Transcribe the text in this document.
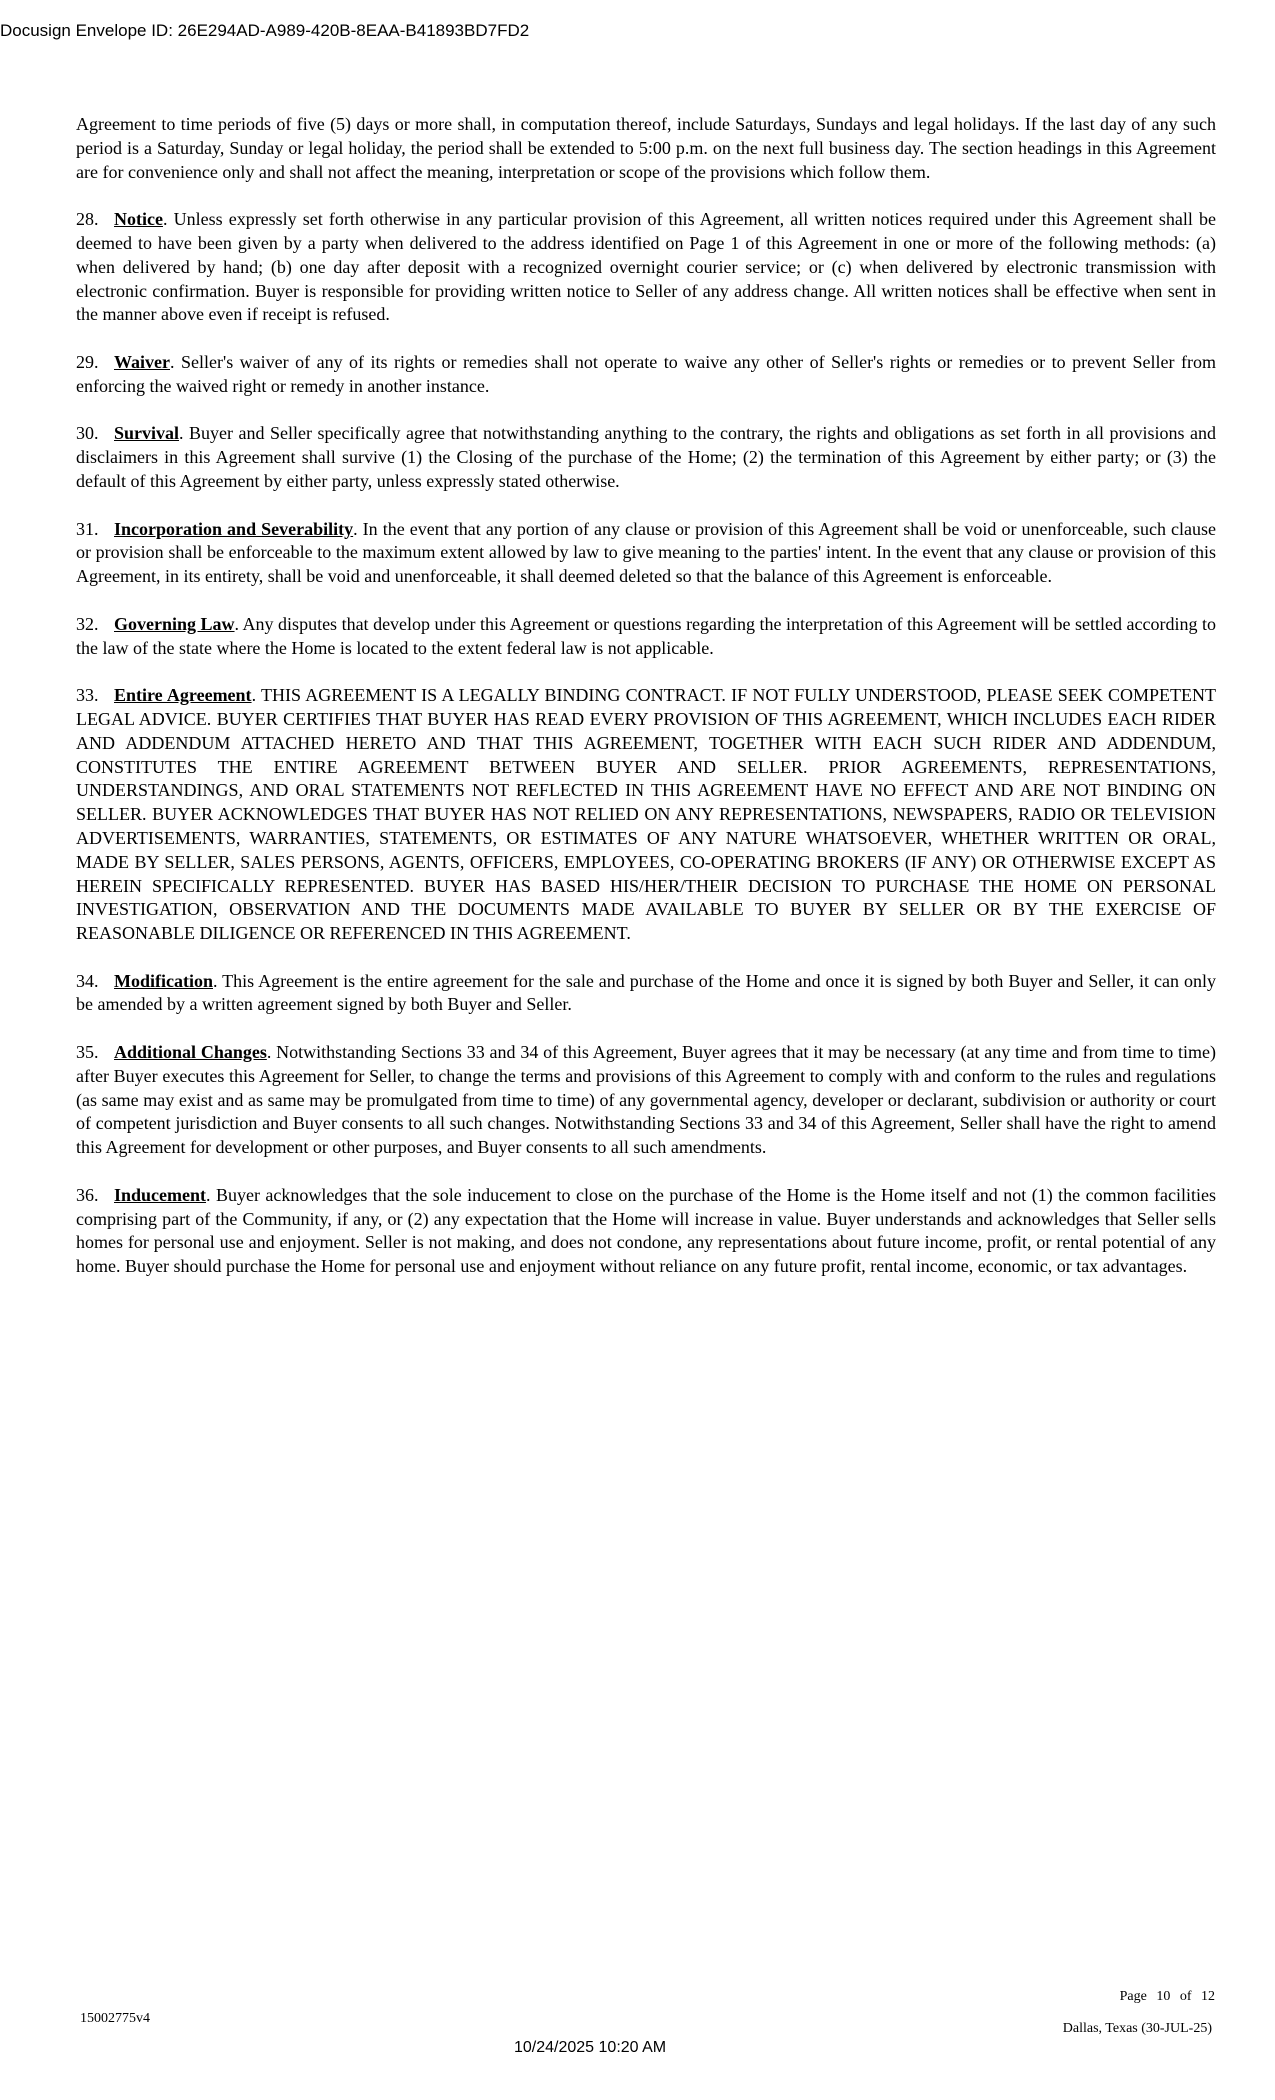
Docusign Envelope ID: 26E294AD-A989-420B-8EAA-B41893BD7FD2

Agreement to time periods of five (5) days or more shall, in computation thereof, include Saturdays, Sundays and legal holidays. If the last day of any such period is a Saturday, Sunday or legal holiday, the period shall be extended to 5:00 p.m. on the next full business day. The section headings in this Agreement are for convenience only and shall not affect the meaning, interpretation or scope of the provisions which follow them.

28. Notice. Unless expressly set forth otherwise in any particular provision of this Agreement, all written notices required under this Agreement shall be deemed to have been given by a party when delivered to the address identified on Page 1 of this Agreement in one or more of the following methods: (a) when delivered by hand; (b) one day after deposit with a recognized overnight courier service; or (c) when delivered by electronic transmission with electronic confirmation. Buyer is responsible for providing written notice to Seller of any address change. All written notices shall be effective when sent in the manner above even if receipt is refused.

29. Waiver. Seller's waiver of any of its rights or remedies shall not operate to waive any other of Seller's rights or remedies or to prevent Seller from enforcing the waived right or remedy in another instance.

30. Survival. Buyer and Seller specifically agree that notwithstanding anything to the contrary, the rights and obligations as set forth in all provisions and disclaimers in this Agreement shall survive (1) the Closing of the purchase of the Home; (2) the termination of this Agreement by either party; or (3) the default of this Agreement by either party, unless expressly stated otherwise.

31. Incorporation and Severability. In the event that any portion of any clause or provision of this Agreement shall be void or unenforceable, such clause or provision shall be enforceable to the maximum extent allowed by law to give meaning to the parties' intent. In the event that any clause or provision of this Agreement, in its entirety, shall be void and unenforceable, it shall deemed deleted so that the balance of this Agreement is enforceable.

32. Governing Law. Any disputes that develop under this Agreement or questions regarding the interpretation of this Agreement will be settled according to the law of the state where the Home is located to the extent federal law is not applicable.

33. Entire Agreement. THIS AGREEMENT IS A LEGALLY BINDING CONTRACT. IF NOT FULLY UNDERSTOOD, PLEASE SEEK COMPETENT LEGAL ADVICE. BUYER CERTIFIES THAT BUYER HAS READ EVERY PROVISION OF THIS AGREEMENT, WHICH INCLUDES EACH RIDER AND ADDENDUM ATTACHED HERETO AND THAT THIS AGREEMENT, TOGETHER WITH EACH SUCH RIDER AND ADDENDUM, CONSTITUTES THE ENTIRE AGREEMENT BETWEEN BUYER AND SELLER. PRIOR AGREEMENTS, REPRESENTATIONS, UNDERSTANDINGS, AND ORAL STATEMENTS NOT REFLECTED IN THIS AGREEMENT HAVE NO EFFECT AND ARE NOT BINDING ON SELLER. BUYER ACKNOWLEDGES THAT BUYER HAS NOT RELIED ON ANY REPRESENTATIONS, NEWSPAPERS, RADIO OR TELEVISION ADVERTISEMENTS, WARRANTIES, STATEMENTS, OR ESTIMATES OF ANY NATURE WHATSOEVER, WHETHER WRITTEN OR ORAL, MADE BY SELLER, SALES PERSONS, AGENTS, OFFICERS, EMPLOYEES, CO-OPERATING BROKERS (IF ANY) OR OTHERWISE EXCEPT AS HEREIN SPECIFICALLY REPRESENTED. BUYER HAS BASED HIS/HER/THEIR DECISION TO PURCHASE THE HOME ON PERSONAL INVESTIGATION, OBSERVATION AND THE DOCUMENTS MADE AVAILABLE TO BUYER BY SELLER OR BY THE EXERCISE OF REASONABLE DILIGENCE OR REFERENCED IN THIS AGREEMENT.

34. Modification. This Agreement is the entire agreement for the sale and purchase of the Home and once it is signed by both Buyer and Seller, it can only be amended by a written agreement signed by both Buyer and Seller.

35. Additional Changes. Notwithstanding Sections 33 and 34 of this Agreement, Buyer agrees that it may be necessary (at any time and from time to time) after Buyer executes this Agreement for Seller, to change the terms and provisions of this Agreement to comply with and conform to the rules and regulations (as same may exist and as same may be promulgated from time to time) of any governmental agency, developer or declarant, subdivision or authority or court of competent jurisdiction and Buyer consents to all such changes. Notwithstanding Sections 33 and 34 of this Agreement, Seller shall have the right to amend this Agreement for development or other purposes, and Buyer consents to all such amendments.

36. Inducement. Buyer acknowledges that the sole inducement to close on the purchase of the Home is the Home itself and not (1) the common facilities comprising part of the Community, if any, or (2) any expectation that the Home will increase in value. Buyer understands and acknowledges that Seller sells homes for personal use and enjoyment. Seller is not making, and does not condone, any representations about future income, profit, or rental potential of any home. Buyer should purchase the Home for personal use and enjoyment without reliance on any future profit, rental income, economic, or tax advantages.

Page 10 of 12
15002775v4
Dallas, Texas (30-JUL-25)
10/24/2025 10:20 AM
